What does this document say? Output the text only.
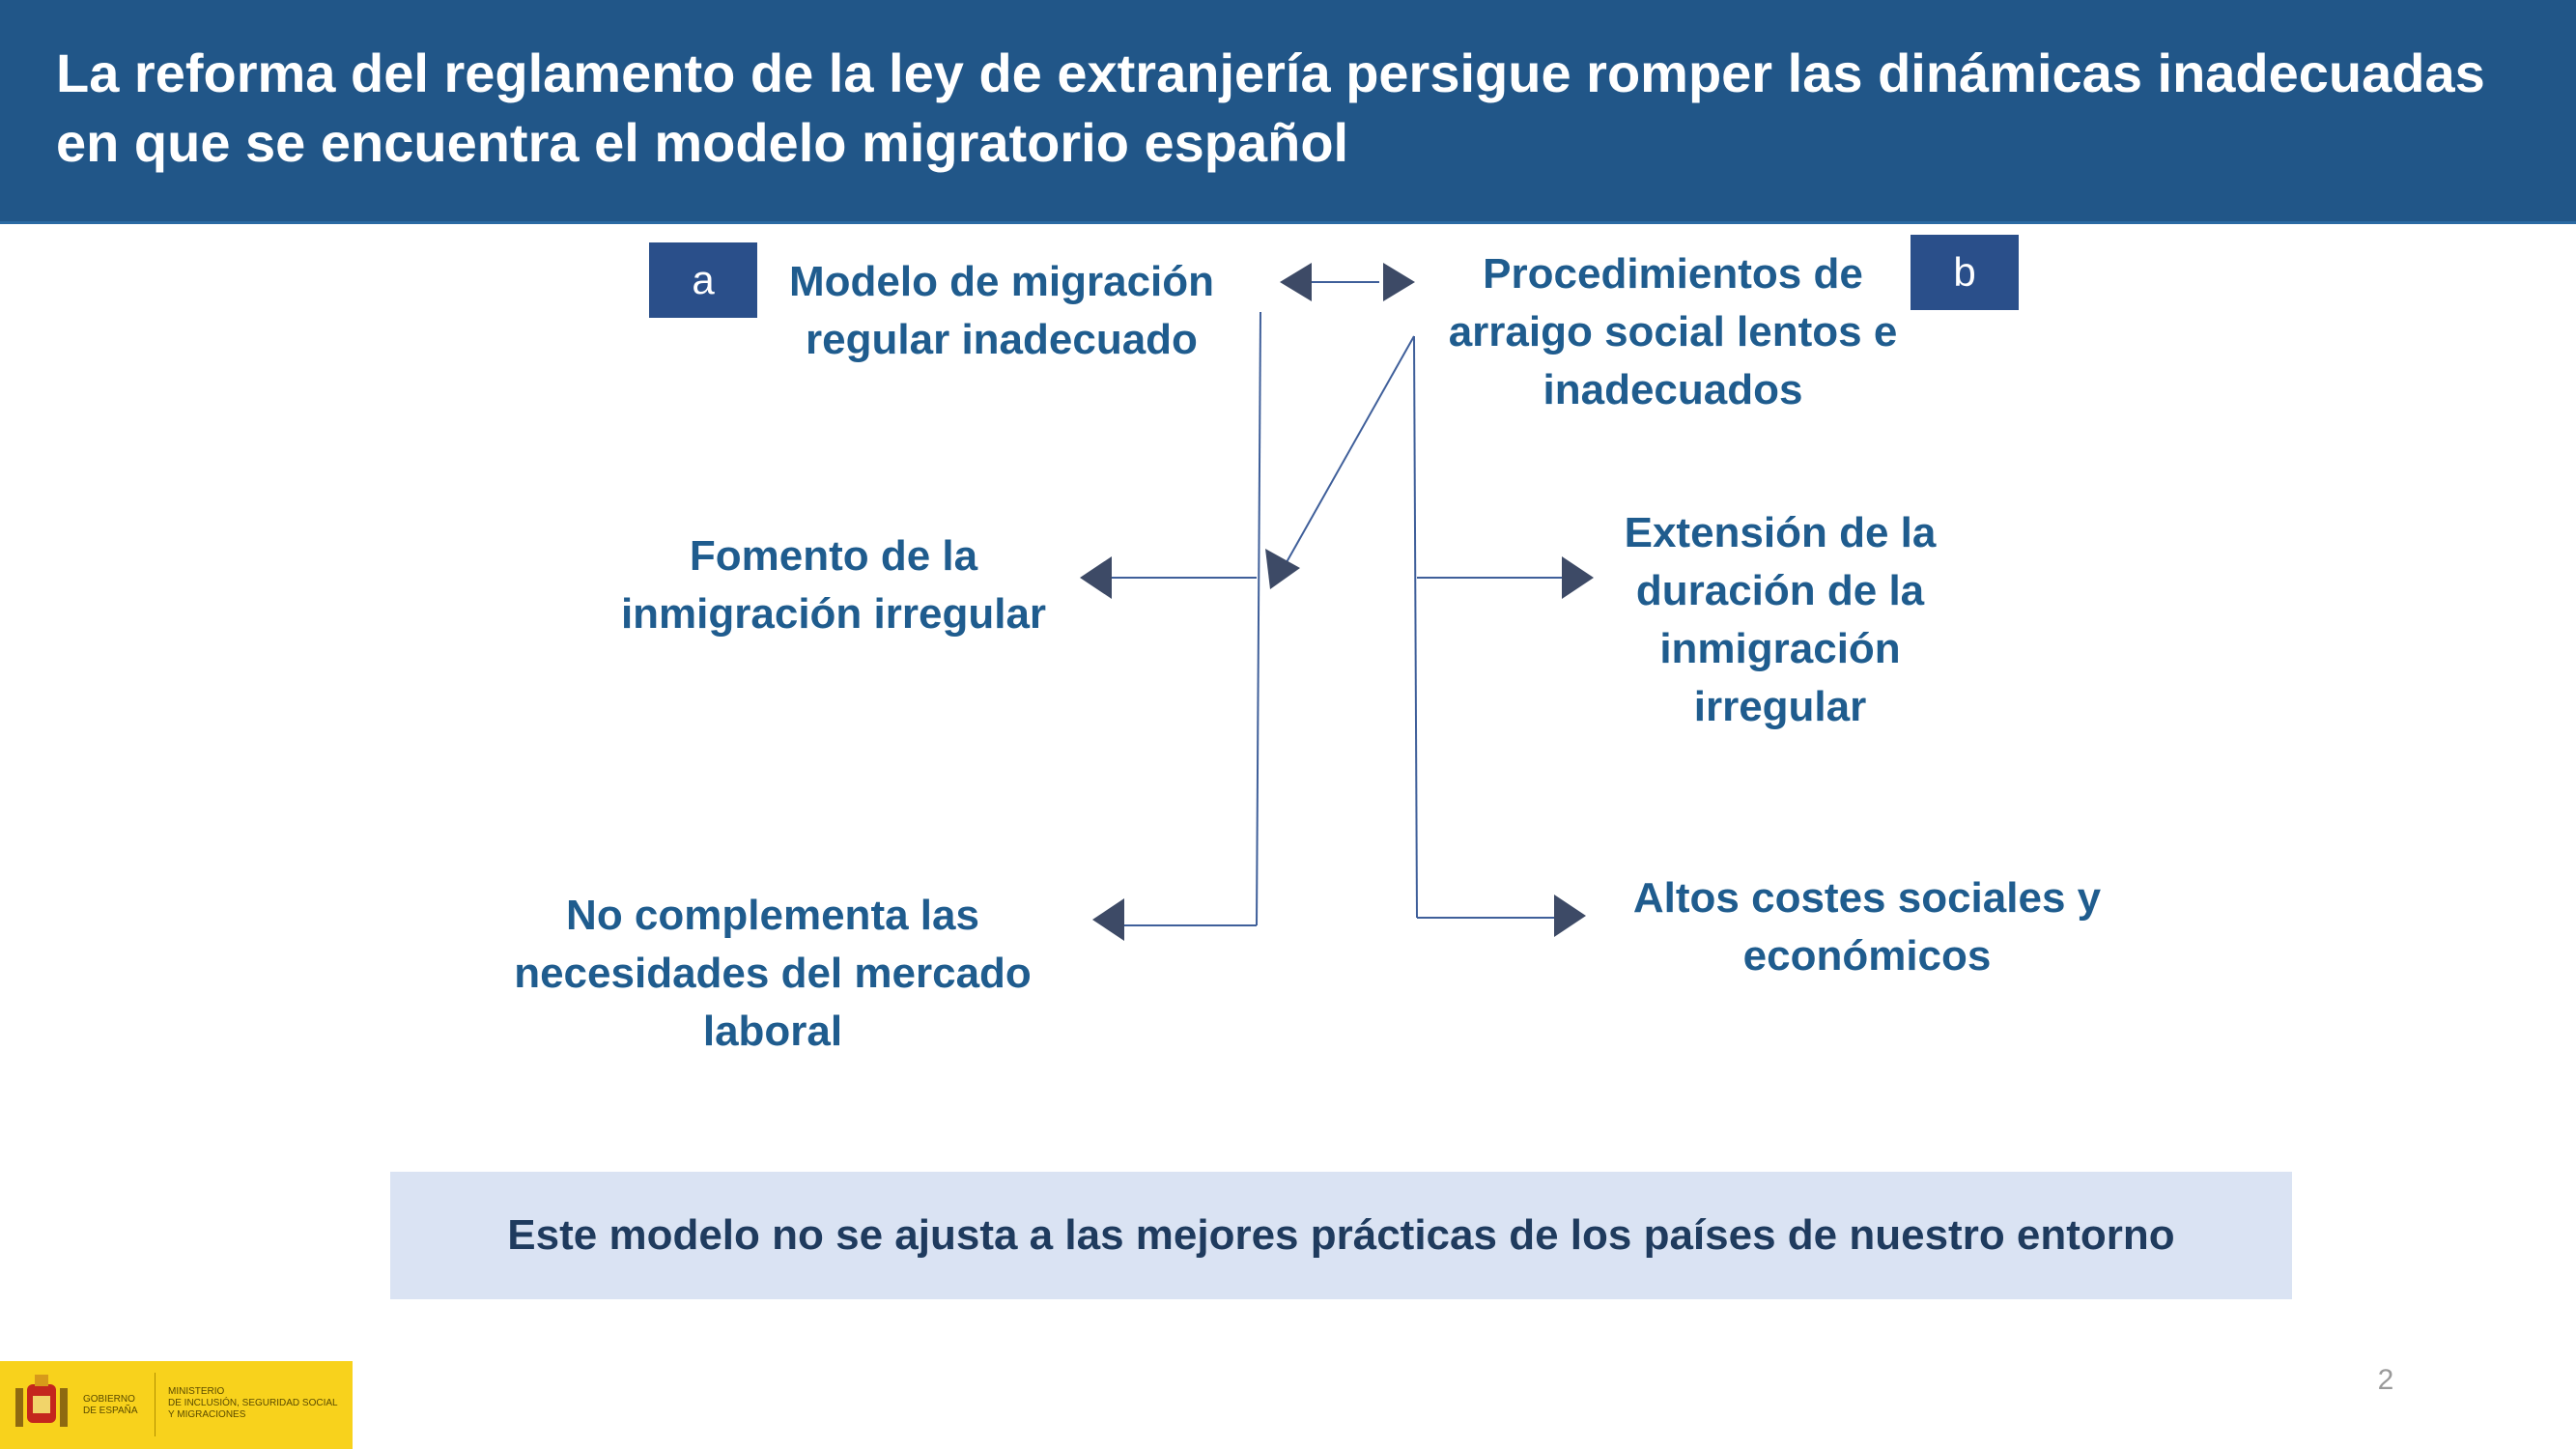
La reforma del reglamento de la ley de extranjería persigue romper las dinámicas inadecuadas en que se encuentra el modelo migratorio español
a	b
Modelo de migración regular inadecuado
Procedimientos de arraigo social lentos e inadecuados
Fomento de la inmigración irregular
No complementa las necesidades del mercado laboral
Extensión de la duración de la inmigración irregular
Altos costes sociales y económicos
Este modelo no se ajusta a las mejores prácticas de los países de nuestro entorno
2
GOBIERNO
DE ESPAÑA
MINISTERIO
DE INCLUSIÓN, SEGURIDAD SOCIAL
Y MIGRACIONES
